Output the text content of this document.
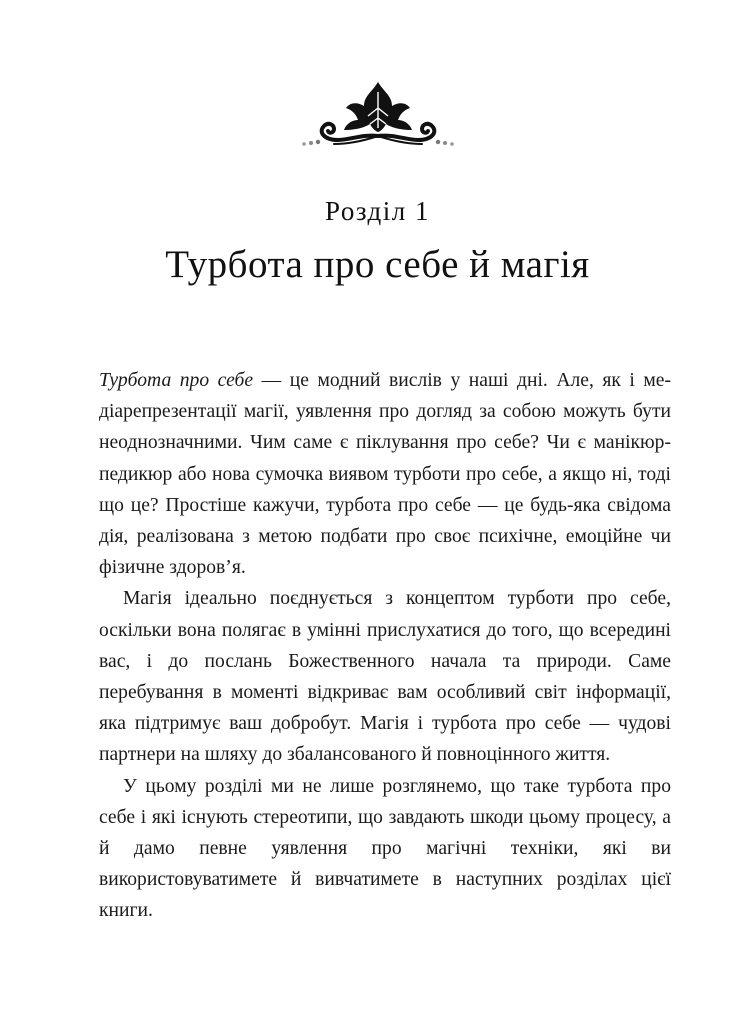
Розділ 1
Турбота про себе й магія

Турбота про себе — це модний вислів у наші дні. Але, як і медіарепрезентації магії, уявлення про догляд за собою можуть бути неоднозначними. Чим саме є піклування про себе? Чи є манікюр-педикюр або нова сумочка виявом турботи про себе, а якщо ні, тоді що це? Простіше кажучи, турбота про себе — це будь-яка свідома дія, реалізована з метою подбати про своє психічне, емоційне чи фізичне здоров’я.

Магія ідеально поєднується з концептом турботи про себе, оскільки вона полягає в умінні прислухатися до того, що всередині вас, і до послань Божественного начала та природи. Саме перебування в моменті відкриває вам особливий світ інформації, яка підтримує ваш добробут. Магія і турбота про себе — чудові партнери на шляху до збалансованого й повноцінного життя.

У цьому розділі ми не лише розглянемо, що таке турбота про себе і які існують стереотипи, що завдають шкоди цьому процесу, а й дамо певне уявлення про магічні техніки, які ви використовуватимете й вивчатимете в наступних розділах цієї книги.
